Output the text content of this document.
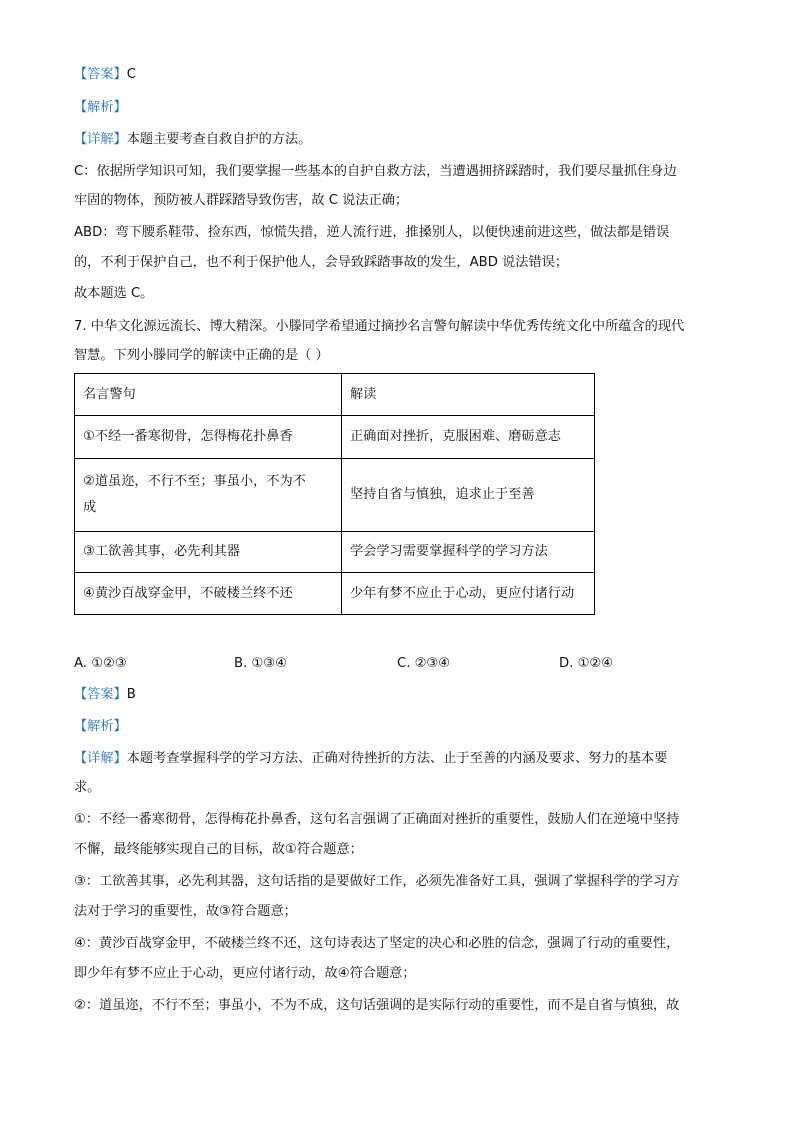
【答案】C
【解析】
【详解】本题主要考查自救自护的方法。
C：依据所学知识可知，我们要掌握一些基本的自护自救方法，当遭遇拥挤踩踏时，我们要尽量抓住身边
牢固的物体，预防被人群踩踏导致伤害，故 C 说法正确；
ABD：弯下腰系鞋带、捡东西，惊慌失措，逆人流行进，推搡别人，以便快速前进这些，做法都是错误
的，不利于保护自己，也不利于保护他人，会导致踩踏事故的发生，ABD 说法错误；
故本题选 C。
7. 中华文化源远流长、博大精深。小滕同学希望通过摘抄名言警句解读中华优秀传统文化中所蕴含的现代
智慧。下列小滕同学的解读中正确的是（ ）
名言警句	解读
①不经一番寒彻骨，怎得梅花扑鼻香	正确面对挫折，克服困难、磨砺意志

②道虽迩，不行不至；事虽小，不为不
成	坚持自省与慎独，追求止于至善
③工欲善其事，必先利其器	学会学习需要掌握科学的学习方法
④黄沙百战穿金甲，不破楼兰终不还	少年有梦不应止于心动，更应付诸行动
A. ①②③	B. ①③④	C. ②③④	D. ①②④
【答案】B
【解析】
【详解】本题考查掌握科学的学习方法、正确对待挫折的方法、止于至善的内涵及要求、努力的基本要
求。
①：不经一番寒彻骨，怎得梅花扑鼻香，这句名言强调了正确面对挫折的重要性，鼓励人们在逆境中坚持
不懈，最终能够实现自己的目标，故①符合题意；
③：工欲善其事，必先利其器，这句话指的是要做好工作，必须先准备好工具，强调了掌握科学的学习方
法对于学习的重要性，故③符合题意；
④：黄沙百战穿金甲，不破楼兰终不还，这句诗表达了坚定的决心和必胜的信念，强调了行动的重要性，
即少年有梦不应止于心动，更应付诸行动，故④符合题意；
②：道虽迩，不行不至；事虽小，不为不成，这句话强调的是实际行动的重要性，而不是自省与慎独，故
